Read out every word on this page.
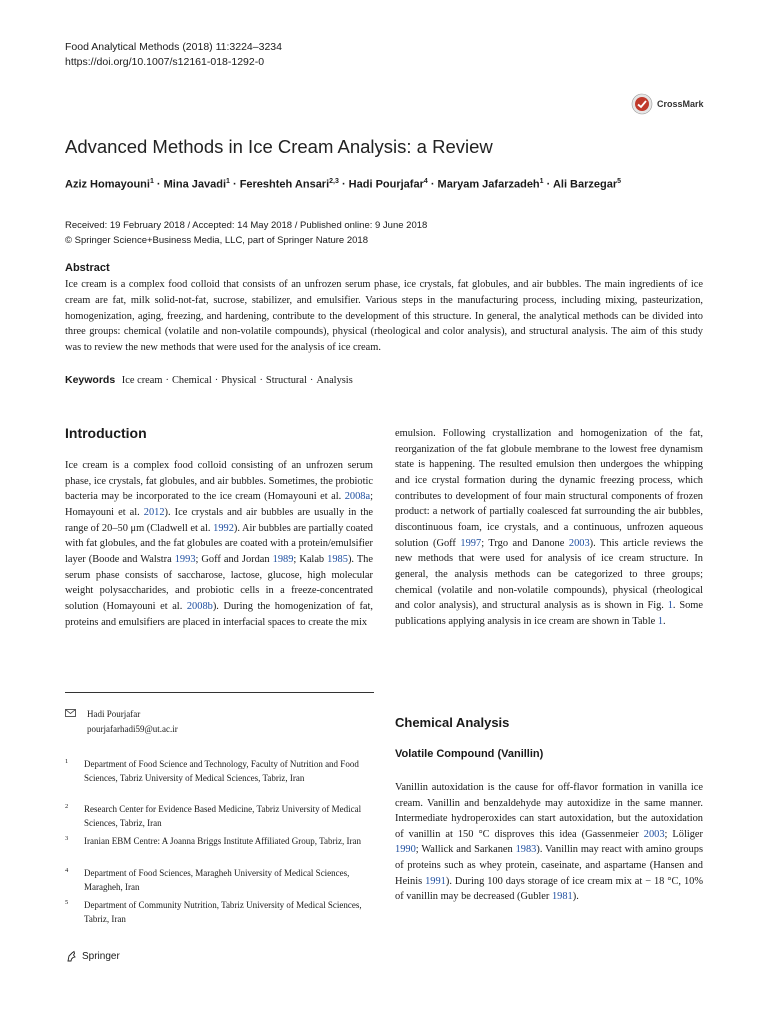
Food Analytical Methods (2018) 11:3224–3234
https://doi.org/10.1007/s12161-018-1292-0
CrossMark
Advanced Methods in Ice Cream Analysis: a Review
Aziz Homayouni$^1$ · Mina Javadi$^1$ · Fereshteh Ansari$^{2,3}$ · Hadi Pourjafar$^4$ · Maryam Jafarzadeh$^1$ · Ali Barzegar$^5$
Received: 19 February 2018 / Accepted: 14 May 2018 / Published online: 9 June 2018
© Springer Science+Business Media, LLC, part of Springer Nature 2018
Abstract

Ice cream is a complex food colloid that consists of an unfrozen serum phase, ice crystals, fat globules, and air bubbles. The main ingredients of ice cream are fat, milk solid-not-fat, sucrose, stabilizer, and emulsifier. Various steps in the manufacturing process, including mixing, pasteurization, homogenization, aging, freezing, and hardening, contribute to the development of this structure. In general, the analytical methods can be divided into three groups: chemical (volatile and non-volatile compounds), physical (rheological and color analysis), and structural analysis. The aim of this study was to review the new methods that were used for the analysis of ice cream.

Keywords Ice cream · Chemical · Physical · Structural · Analysis
Introduction

Ice cream is a complex food colloid consisting of an unfrozen serum phase, ice crystals, fat globules, and air bubbles. Sometimes, the probiotic bacteria may be incorporated to the ice cream (Homayouni et al. 2008a; Homayouni et al. 2012). Ice crystals and air bubbles are usually in the range of 20–50 μm (Cladwell et al. 1992). Air bubbles are partially coated with fat globules, and the fat globules are coated with a protein/emulsifier layer (Boode and Walstra 1993; Goff and Jordan 1989; Kalab 1985). The serum phase consists of saccharose, lactose, glucose, high molecular weight polysaccharides, and probiotic cells in a freeze-concentrated solution (Homayouni et al. 2008b). During the homogenization of fat, proteins and emulsifiers are placed in interfacial spaces to create the mix

emulsion. Following crystallization and homogenization of the fat, reorganization of the fat globule membrane to the lowest free dynamism state is happening. The resulted emulsion then undergoes the whipping and ice crystal formation during the dynamic freezing process, which contributes to development of four main structural components of frozen product: a network of partially coalesced fat surrounding the air bubbles, discontinuous foam, ice crystals, and a continuous, unfrozen aqueous solution (Goff 1997; Trgo and Danone 2003). This article reviews the new methods that were used for analysis of ice cream structure. In general, the analysis methods can be categorized to three groups; chemical (volatile and non-volatile compounds), physical (rheological and color analysis), and structural analysis as is shown in Fig. 1. Some publications applying analysis in ice cream are shown in Table 1.

Chemical Analysis
Volatile Compound (Vanillin)

Vanillin autoxidation is the cause for off-flavor formation in vanilla ice cream. Vanillin and benzaldehyde may autoxidize in the same manner. Intermediate hydroperoxides can start autoxidation, but the autoxidation of vanillin at 150 °C disproves this idea (Gassenmeier 2003; Löliger 1990; Wallick and Sarkanen 1983). Vanillin may react with amino groups of proteins such as whey protein, caseinate, and aspartame (Hansen and Heinis 1991). During 100 days storage of ice cream mix at − 18 °C, 10% of vanillin may be decreased (Gubler 1981).

Hadi Pourjafar
pourjafarhadi59@ut.ac.ir
1 Department of Food Science and Technology, Faculty of Nutrition and Food Sciences, Tabriz University of Medical Sciences, Tabriz, Iran
2 Research Center for Evidence Based Medicine, Tabriz University of Medical Sciences, Tabriz, Iran
3 Iranian EBM Centre: A Joanna Briggs Institute Affiliated Group, Tabriz, Iran
4 Department of Food Sciences, Maragheh University of Medical Sciences, Maragheh, Iran
5 Department of Community Nutrition, Tabriz University of Medical Sciences, Tabriz, Iran
Springer
